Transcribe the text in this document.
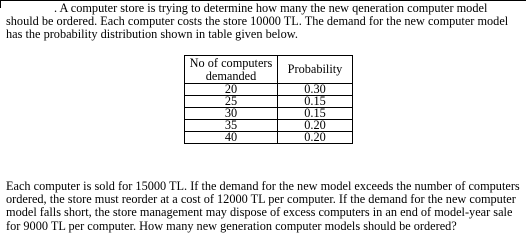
. A computer store is trying to determine how many the new qeneration computer model
should be ordered. Each computer costs the store 10000 TL. The demand for the new computer model
has the probability distribution shown in table given below.
No of computers demanded	Probability
20	0.30
25	0.15
30	0.15
35	0.20
40	0.20
Each computer is sold for 15000 TL. If the demand for the new model exceeds the number of computers
ordered, the store must reorder at a cost of 12000 TL per computer. If the demand for the new computer
model falls short, the store management may dispose of excess computers in an end of model-year sale
for 9000 TL per computer. How many new generation computer models should be ordered?
